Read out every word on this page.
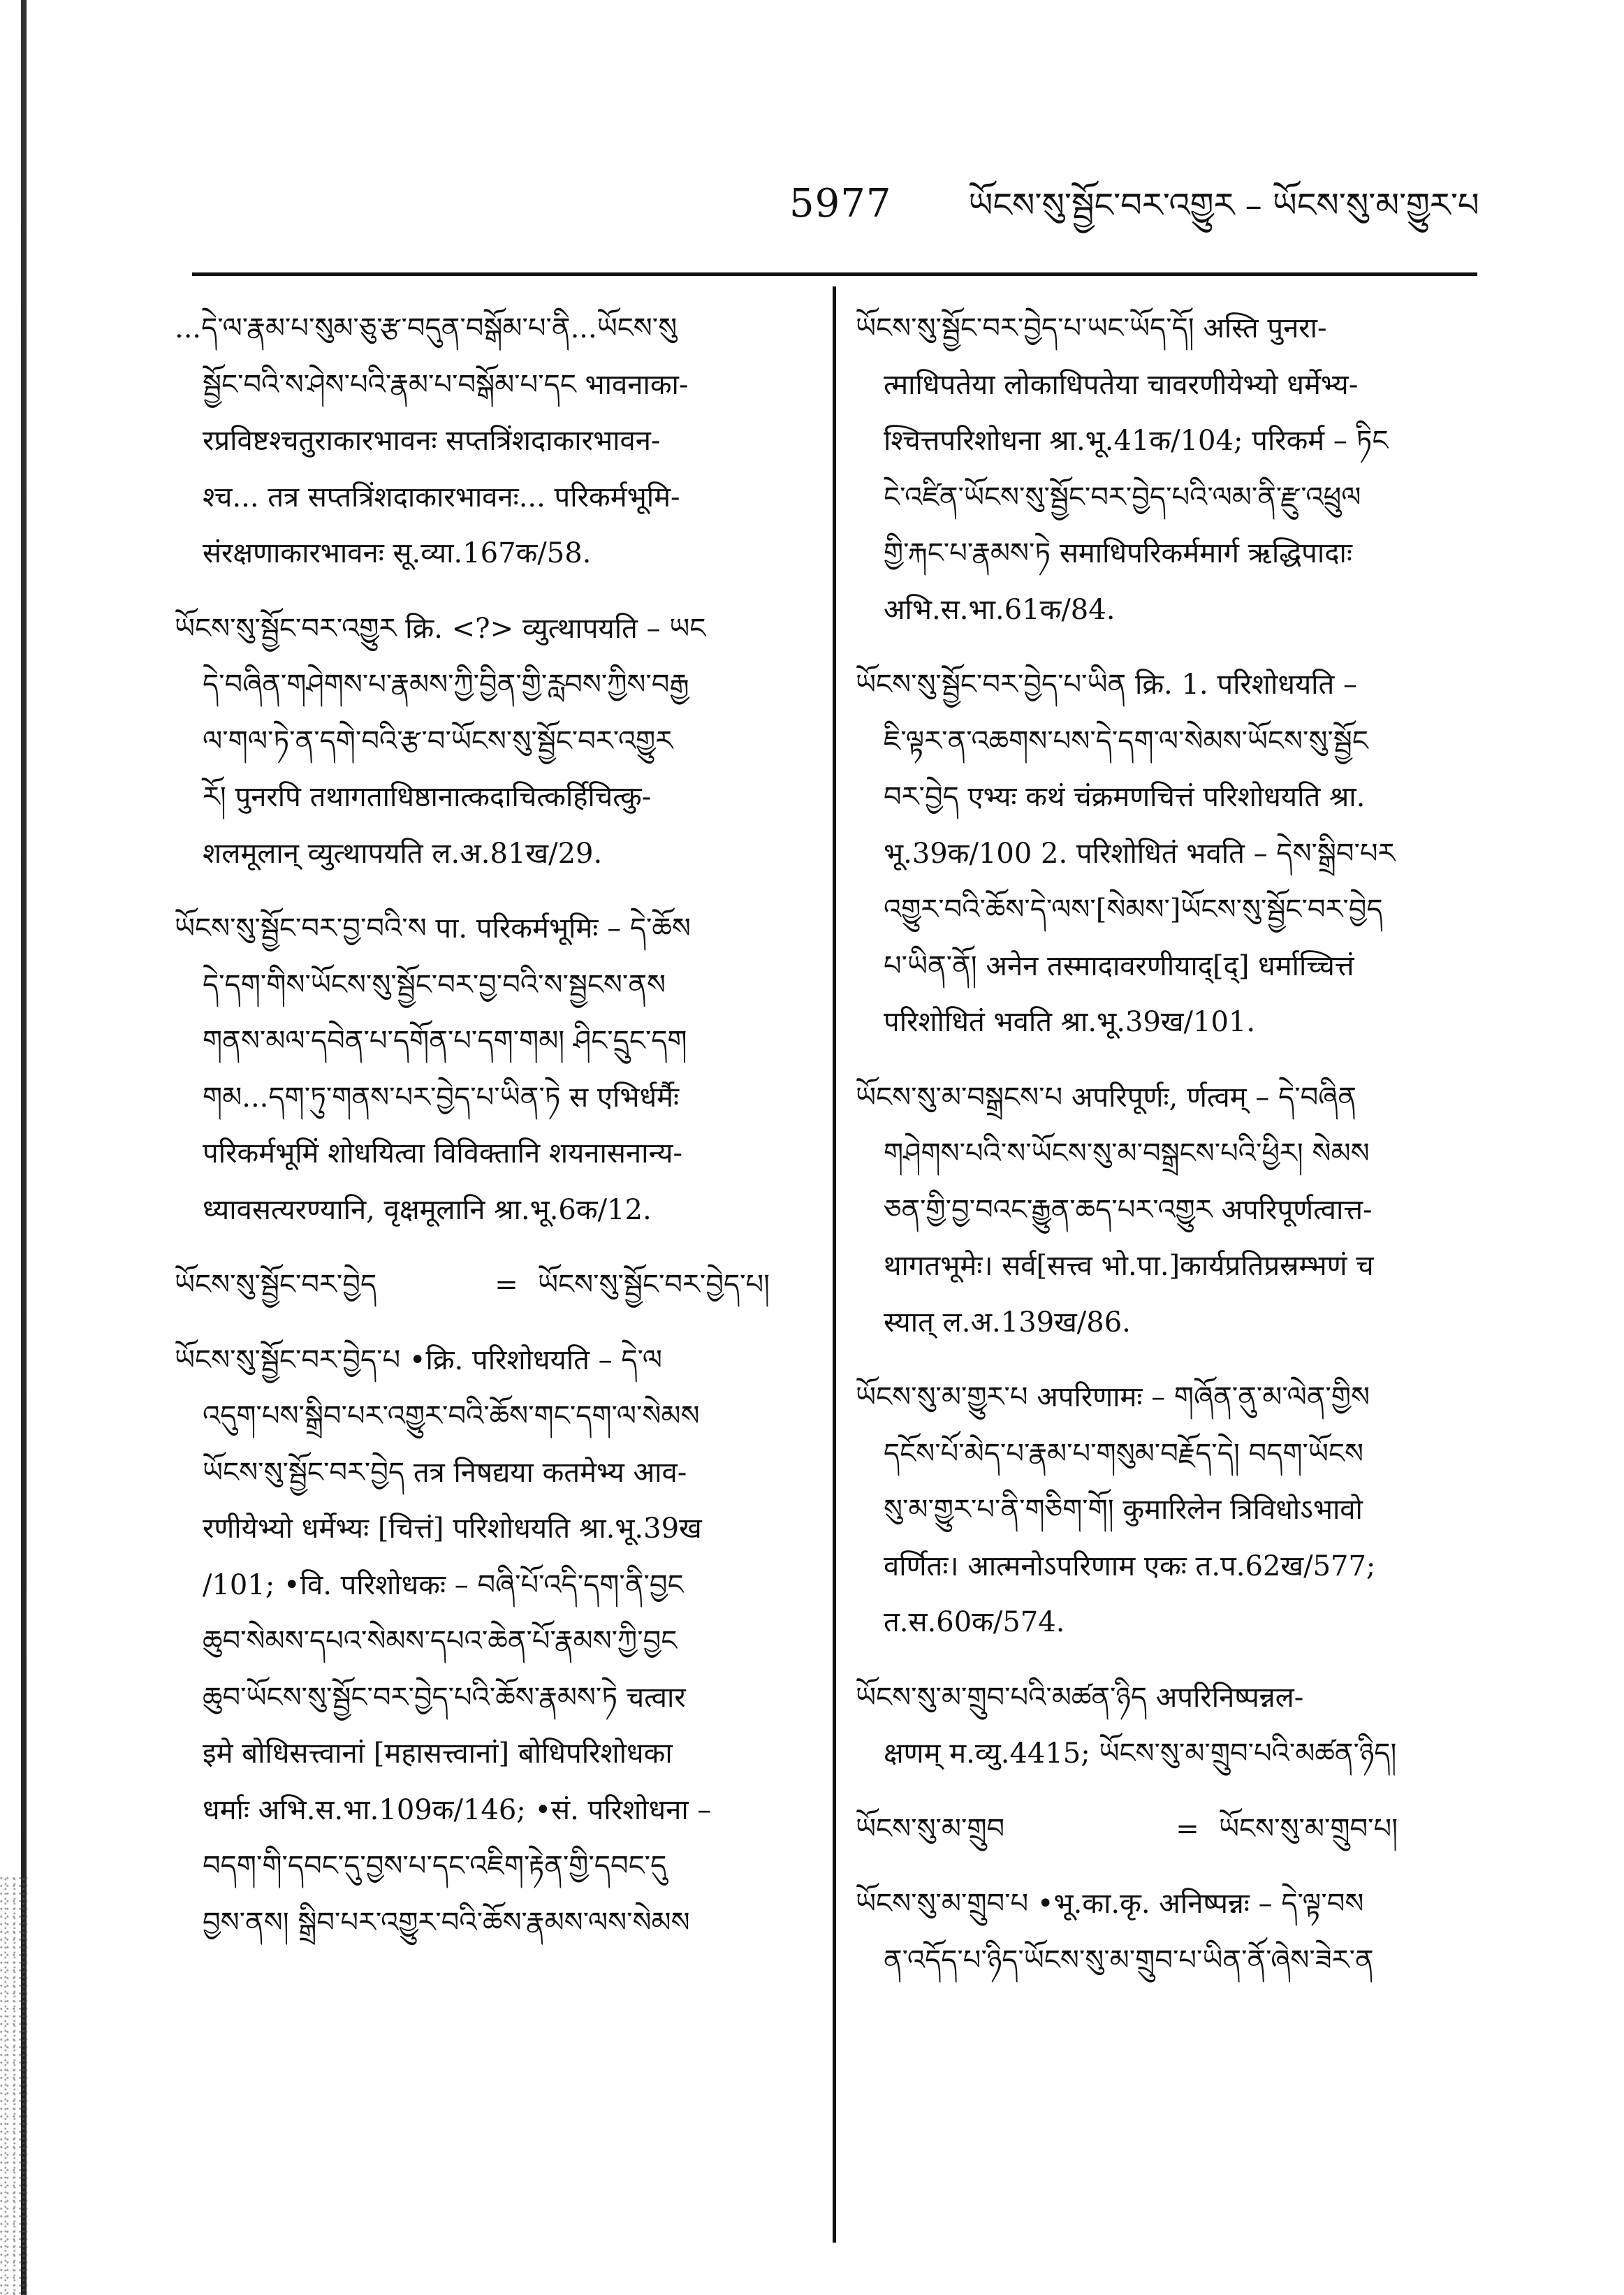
5977 ཡོངས་སུ་སྦྱོང་བར་འགྱུར – ཡོངས་སུ་མ་གྱུར་པ
...དེ་ལ་རྣམ་པ་སུམ་ཅུ་རྩ་བདུན་བསྒོམ་པ་ནི...ཡོངས་སུ
སྦྱོང་བའི་ས་ཤེས་པའི་རྣམ་པ་བསྒོམ་པ་དང भावनाका-
रप्रविष्टश्चतुराकारभावनः सप्तत्रिंशदाकारभावन-
श्च... तत्र सप्तत्रिंशदाकारभावनः... परिकर्मभूमि-
संरक्षणाकारभावनः सू.व्या.167क/58.
ཡོངས་སུ་སྦྱོང་བར་འགྱུར क्रि. <?> व्युत्थापयति – ཡང
དེ་བཞིན་གཤེགས་པ་རྣམས་ཀྱི་བྱིན་གྱི་རླབས་ཀྱིས་བརྒྱ
ལ་གལ་ཏེ་ན་དགེ་བའི་རྩ་བ་ཡོངས་སུ་སྦྱོང་བར་འགྱུར
རོ། पुनरपि तथागताधिष्ठानात्कदाचित्कर्हिचित्कु-
शलमूलान् व्युत्थापयति ल.अ.81ख/29.
ཡོངས་སུ་སྦྱོང་བར་བྱ་བའི་ས पा. परिकर्मभूमिः – དེ་ཆོས
དེ་དག་གིས་ཡོངས་སུ་སྦྱོང་བར་བྱ་བའི་ས་སྦྱངས་ནས
གནས་མལ་དབེན་པ་དགོན་པ་དག་གམ། ཤིང་དྲུང་དག
གམ...དག་ཏུ་གནས་པར་བྱེད་པ་ཡིན་ཏེ स एभिर्धर्मैः
परिकर्मभूमिं शोधयित्वा विविक्तानि शयनासनान्य-
ध्यावसत्यरण्यानि, वृक्षमूलानि श्रा.भू.6क/12.
ཡོངས་སུ་སྦྱོང་བར་བྱེད	= ཡོངས་སུ་སྦྱོང་བར་བྱེད་པ།
ཡོངས་སུ་སྦྱོང་བར་བྱེད་པ •क्रि. परिशोधयति – དེ་ལ
འདུག་པས་སྒྲིབ་པར་འགྱུར་བའི་ཆོས་གང་དག་ལ་སེམས
ཡོངས་སུ་སྦྱོང་བར་བྱེད तत्र निषद्यया कतमेभ्य आव-
रणीयेभ्यो धर्मेभ्यः [चित्तं] परिशोधयति श्रा.भू.39ख
/101; •वि. परिशोधकः – བཞི་པོ་འདི་དག་ནི་བྱང
ཆུབ་སེམས་དཔའ་སེམས་དཔའ་ཆེན་པོ་རྣམས་ཀྱི་བྱང
ཆུབ་ཡོངས་སུ་སྦྱོང་བར་བྱེད་པའི་ཆོས་རྣམས་ཏེ चत्वार
इमे बोधिसत्त्वानां [महासत्त्वानां] बोधिपरिशोधका
धर्माः अभि.स.भा.109क/146; •सं. परिशोधना –
བདག་གི་དབང་དུ་བྱས་པ་དང་འཇིག་རྟེན་གྱི་དབང་དུ
བྱས་ནས། སྒྲིབ་པར་འགྱུར་བའི་ཆོས་རྣམས་ལས་སེམས
ཡོངས་སུ་སྦྱོང་བར་བྱེད་པ་ཡང་ཡོད་དོ། अस्ति पुनरा-
त्माधिपतेया लोकाधिपतेया चावरणीयेभ्यो धर्मेभ्य-
श्चित्तपरिशोधना श्रा.भू.41क/104; परिकर्म – ཏིང
ངེ་འཛིན་ཡོངས་སུ་སྦྱོང་བར་བྱེད་པའི་ལམ་ནི་རྫུ་འཕྲུལ
གྱི་རྐང་པ་རྣམས་ཏེ समाधिपरिकर्ममार्ग ऋद्धिपादाः
अभि.स.भा.61क/84.
ཡོངས་སུ་སྦྱོང་བར་བྱེད་པ་ཡིན क्रि. 1. परिशोधयति –
ཇི་ལྟར་ན་འཆགས་པས་དེ་དག་ལ་སེམས་ཡོངས་སུ་སྦྱོང
བར་བྱེད एभ्यः कथं चंक्रमणचित्तं परिशोधयति श्रा.
भू.39क/100 2. परिशोधितं भवति – དེས་སྒྲིབ་པར
འགྱུར་བའི་ཆོས་དེ་ལས་[སེམས་]ཡོངས་སུ་སྦྱོང་བར་བྱེད
པ་ཡིན་ནོ། अनेन तस्मादावरणीयाद्[द्] धर्माच्चित्तं
परिशोधितं भवति श्रा.भू.39ख/101.
ཡོངས་སུ་མ་བསྒྲངས་པ अपरिपूर्णः, र्णत्वम् – དེ་བཞིན
གཤེགས་པའི་ས་ཡོངས་སུ་མ་བསྒྲངས་པའི་ཕྱིར། སེམས
ཅན་གྱི་བྱ་བའང་རྒྱུན་ཆད་པར་འགྱུར अपरिपूर्णत्वात्त-
थागतभूमेः। सर्व[सत्त्व भो.पा.]कार्यप्रतिप्रस्रम्भणं च
स्यात् ल.अ.139ख/86.
ཡོངས་སུ་མ་གྱུར་པ अपरिणामः – གཞོན་ནུ་མ་ལེན་གྱིས
དངོས་པོ་མེད་པ་རྣམ་པ་གསུམ་བརྗོད་དེ། བདག་ཡོངས
སུ་མ་གྱུར་པ་ནི་གཅིག་གོ། कुमारिलेन त्रिविधोऽभावो
वर्णितः। आत्मनोऽपरिणाम एकः त.प.62ख/577;
त.स.60क/574.
ཡོངས་སུ་མ་གྲུབ་པའི་མཚན་ཉིད अपरिनिष्पन्नल-
क्षणम् म.व्यु.4415; ཡོངས་སུ་མ་གྲུབ་པའི་མཚན་ཉིད།
ཡོངས་སུ་མ་གྲུབ	= ཡོངས་སུ་མ་གྲུབ་པ།
ཡོངས་སུ་མ་གྲུབ་པ •भू.का.कृ. अनिष्पन्नः – དེ་ལྟ་བས
ན་འདོད་པ་ཉིད་ཡོངས་སུ་མ་གྲུབ་པ་ཡིན་ནོ་ཞེས་ཟེར་ན
